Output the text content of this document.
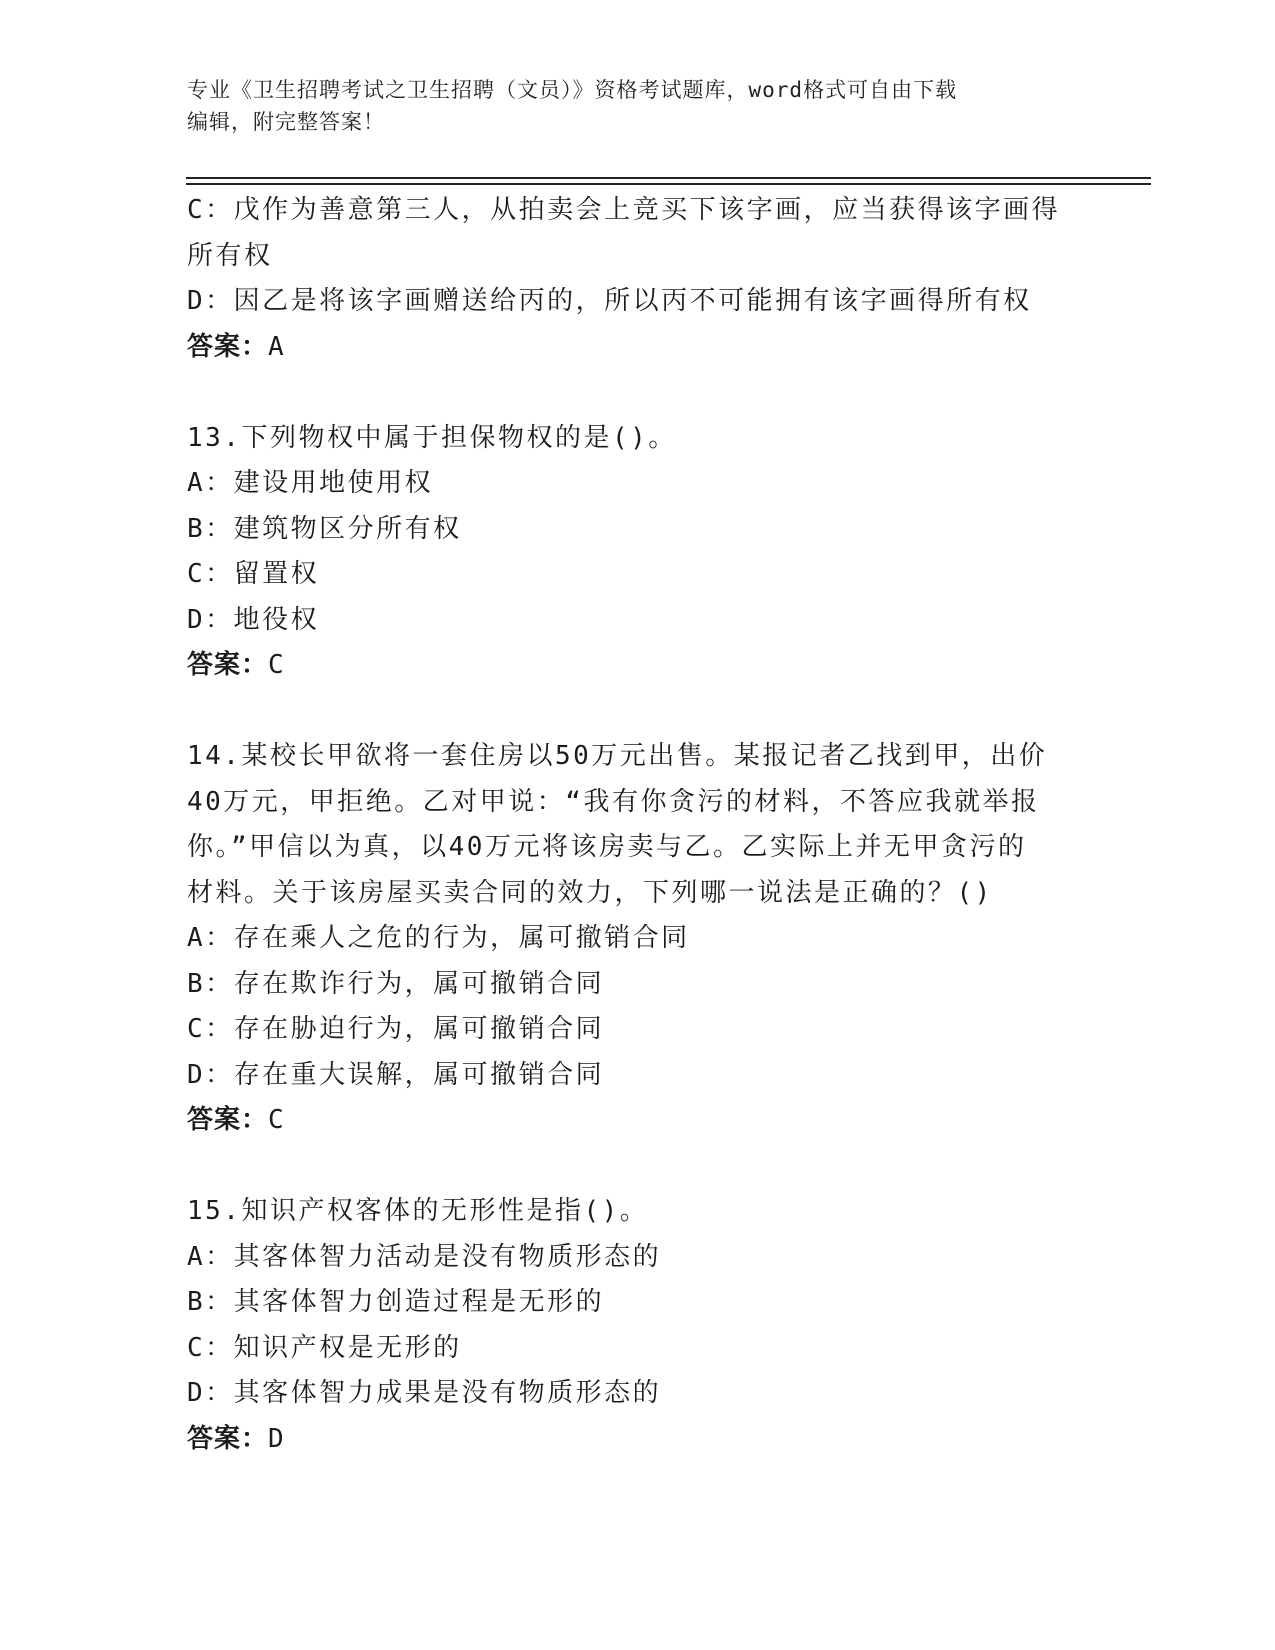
专业《卫生招聘考试之卫生招聘（文员）》资格考试题库，word格式可自由下载
编辑，附完整答案！
C：戊作为善意第三人，从拍卖会上竞买下该字画，应当获得该字画得
所有权
D：因乙是将该字画赠送给丙的，所以丙不可能拥有该字画得所有权
答案：A
13.下列物权中属于担保物权的是()。
A：建设用地使用权
B：建筑物区分所有权
C：留置权
D：地役权
答案：C
14.某校长甲欲将一套住房以50万元出售。某报记者乙找到甲，出价
40万元，甲拒绝。乙对甲说：“我有你贪污的材料，不答应我就举报
你。”甲信以为真，以40万元将该房卖与乙。乙实际上并无甲贪污的
材料。关于该房屋买卖合同的效力，下列哪一说法是正确的？()
A：存在乘人之危的行为，属可撤销合同
B：存在欺诈行为，属可撤销合同
C：存在胁迫行为，属可撤销合同
D：存在重大误解，属可撤销合同
答案：C
15.知识产权客体的无形性是指()。
A：其客体智力活动是没有物质形态的
B：其客体智力创造过程是无形的
C：知识产权是无形的
D：其客体智力成果是没有物质形态的
答案：D
